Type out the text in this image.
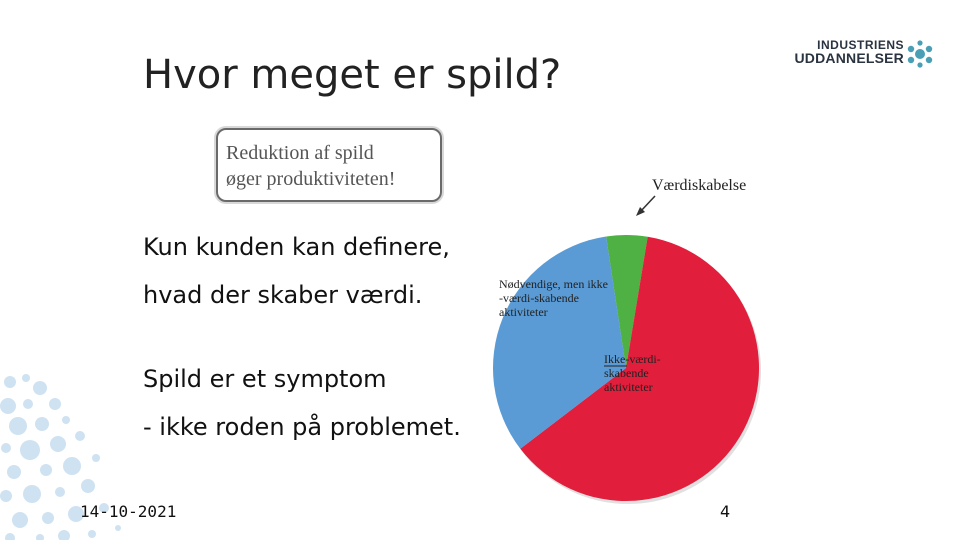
Hvor meget er spild?
Reduktion af spild
øger produktiviteten!
Kun kunden kan definere,
hvad der skaber værdi.
Spild er et symptom
- ikke roden på problemet.
Værdiskabelse
Nødvendige, men ikke -værdi-skabende aktiviteter
Ikke-værdi-skabende aktiviteter
INDUSTRIENS
UDDANNELSER
14-10-2021	4
